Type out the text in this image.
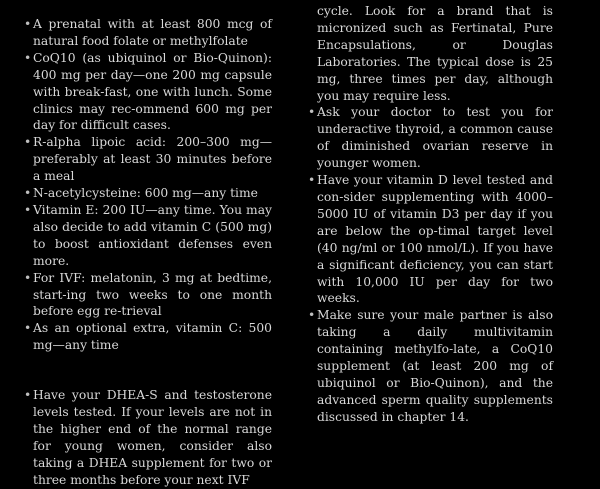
• A prenatal with at least 800 mcg of natural food folate or methylfolate

• CoQ10 (as ubiquinol or Bio-Quinon): 400 mg per day—one 200 mg capsule with break-fast, one with lunch. Some clinics may rec-ommend 600 mg per day for difficult cases.

• R-alpha lipoic acid: 200–300 mg—preferably at least 30 minutes before a meal

• N-acetylcysteine: 600 mg—any time

• Vitamin E: 200 IU—any time. You may also decide to add vitamin C (500 mg) to boost antioxidant defenses even more.

• For IVF: melatonin, 3 mg at bedtime, start-ing two weeks to one month before egg re-trieval

• As an optional extra, vitamin C: 500 mg—any time

• Have your DHEA-S and testosterone levels tested. If your levels are not in the higher end of the normal range for young women, consider also taking a DHEA supplement for two or three months before your next IVF

cycle. Look for a brand that is micronized such as Fertinatal, Pure Encapsulations, or Douglas Laboratories. The typical dose is 25 mg, three times per day, although you may require less.

• Ask your doctor to test you for underactive thyroid, a common cause of diminished ovarian reserve in younger women.

• Have your vitamin D level tested and con-sider supplementing with 4000–5000 IU of vitamin D3 per day if you are below the op-timal target level (40 ng/ml or 100 nmol/L). If you have a significant deficiency, you can start with 10,000 IU per day for two weeks.

• Make sure your male partner is also taking a daily multivitamin containing methylfo-late, a CoQ10 supplement (at least 200 mg of ubiquinol or Bio-Quinon), and the advanced sperm quality supplements discussed in chapter 14.
